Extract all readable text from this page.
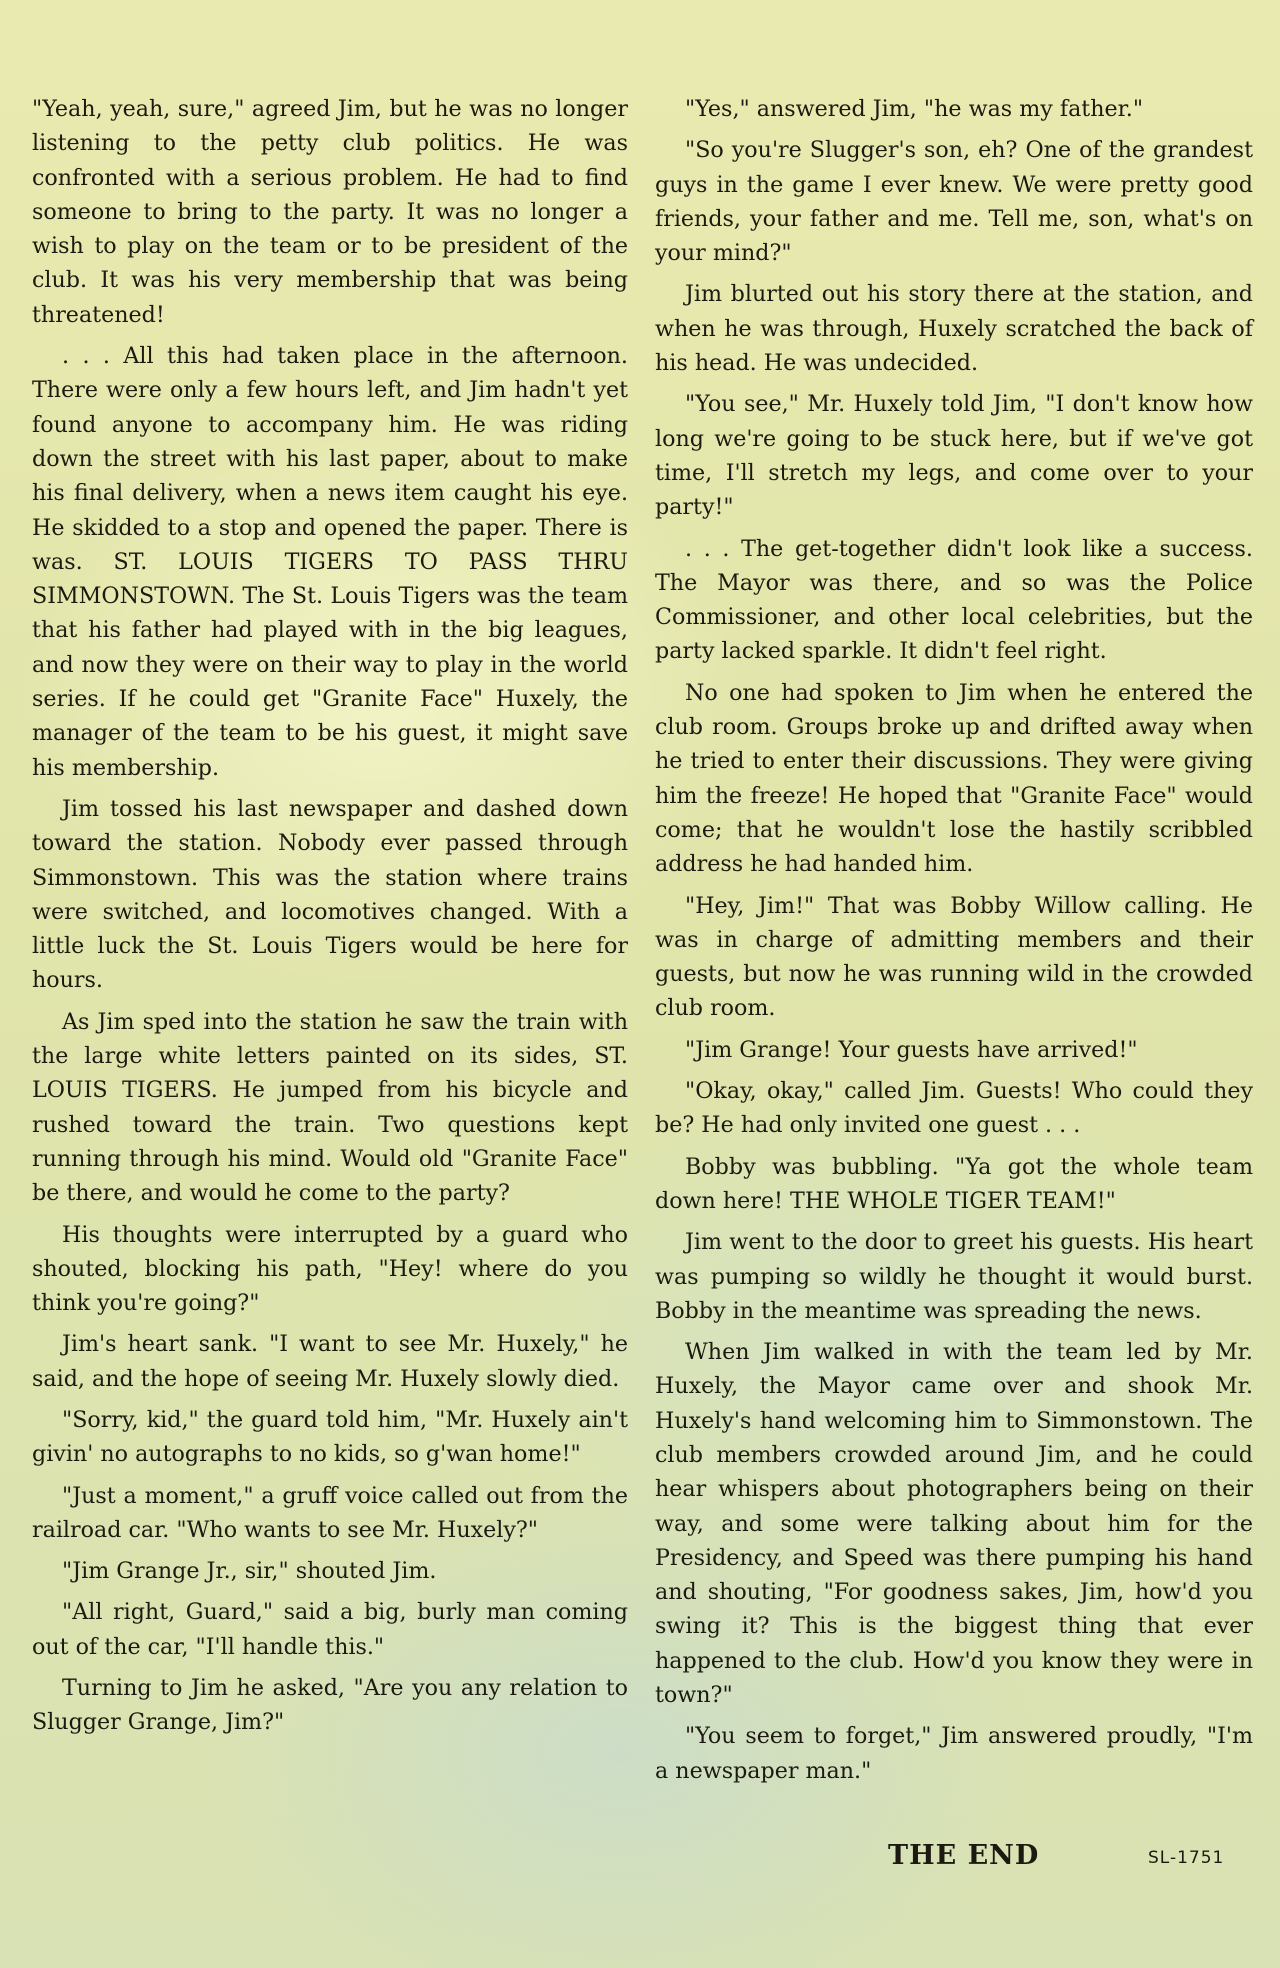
"Yeah, yeah, sure," agreed Jim, but he was no longer listening to the petty club politics. He was confronted with a serious problem. He had to find someone to bring to the party. It was no longer a wish to play on the team or to be president of the club. It was his very membership that was being threatened!

. . . All this had taken place in the afternoon. There were only a few hours left, and Jim hadn't yet found anyone to accompany him. He was riding down the street with his last paper, about to make his final delivery, when a news item caught his eye. He skidded to a stop and opened the paper. There is was. ST. LOUIS TIGERS TO PASS THRU SIMMONSTOWN. The St. Louis Tigers was the team that his father had played with in the big leagues, and now they were on their way to play in the world series. If he could get "Granite Face" Huxely, the manager of the team to be his guest, it might save his membership.

Jim tossed his last newspaper and dashed down toward the station. Nobody ever passed through Simmonstown. This was the station where trains were switched, and locomotives changed. With a little luck the St. Louis Tigers would be here for hours.

As Jim sped into the station he saw the train with the large white letters painted on its sides, ST. LOUIS TIGERS. He jumped from his bicycle and rushed toward the train. Two questions kept running through his mind. Would old "Granite Face" be there, and would he come to the party?

His thoughts were interrupted by a guard who shouted, blocking his path, "Hey! where do you think you're going?"

Jim's heart sank. "I want to see Mr. Huxely," he said, and the hope of seeing Mr. Huxely slowly died.

"Sorry, kid," the guard told him, "Mr. Huxely ain't givin' no autographs to no kids, so g'wan home!"

"Just a moment," a gruff voice called out from the railroad car. "Who wants to see Mr. Huxely?"

"Jim Grange Jr., sir," shouted Jim.

"All right, Guard," said a big, burly man coming out of the car, "I'll handle this."

Turning to Jim he asked, "Are you any relation to Slugger Grange, Jim?"

"Yes," answered Jim, "he was my father."

"So you're Slugger's son, eh? One of the grandest guys in the game I ever knew. We were pretty good friends, your father and me. Tell me, son, what's on your mind?"

Jim blurted out his story there at the station, and when he was through, Huxely scratched the back of his head. He was undecided.

"You see," Mr. Huxely told Jim, "I don't know how long we're going to be stuck here, but if we've got time, I'll stretch my legs, and come over to your party!"

. . . The get-together didn't look like a success. The Mayor was there, and so was the Police Commissioner, and other local celebrities, but the party lacked sparkle. It didn't feel right.

No one had spoken to Jim when he entered the club room. Groups broke up and drifted away when he tried to enter their discussions. They were giving him the freeze! He hoped that "Granite Face" would come; that he wouldn't lose the hastily scribbled address he had handed him.

"Hey, Jim!" That was Bobby Willow calling. He was in charge of admitting members and their guests, but now he was running wild in the crowded club room.

"Jim Grange! Your guests have arrived!"

"Okay, okay," called Jim. Guests! Who could they be? He had only invited one guest . . .

Bobby was bubbling. "Ya got the whole team down here! THE WHOLE TIGER TEAM!"

Jim went to the door to greet his guests. His heart was pumping so wildly he thought it would burst. Bobby in the meantime was spreading the news.

When Jim walked in with the team led by Mr. Huxely, the Mayor came over and shook Mr. Huxely's hand welcoming him to Simmonstown. The club members crowded around Jim, and he could hear whispers about photographers being on their way, and some were talking about him for the Presidency, and Speed was there pumping his hand and shouting, "For goodness sakes, Jim, how'd you swing it? This is the biggest thing that ever happened to the club. How'd you know they were in town?"

"You seem to forget," Jim answered proudly, "I'm a newspaper man."

THE END	SL-1751
